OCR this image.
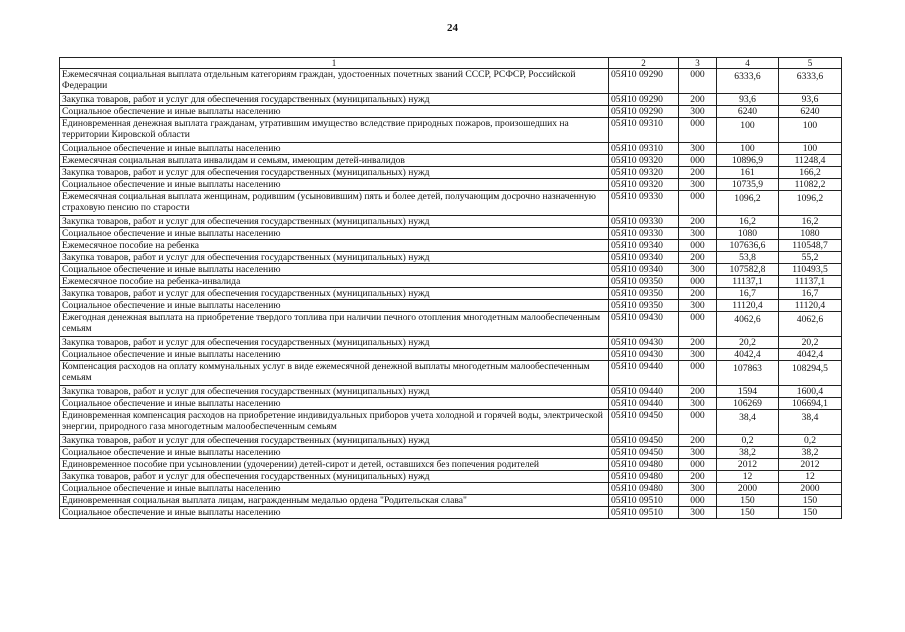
24
1	2	3	4	5
Ежемесячная социальная выплата отдельным категориям граждан, удостоенных почетных званий СССР, РСФСР, Российской Федерации	05Я10 09290	000	6333,6	6333,6
Закупка товаров, работ и услуг для обеспечения государственных (муниципальных) нужд	05Я10 09290	200	93,6	93,6
Социальное обеспечение и иные выплаты населению	05Я10 09290	300	6240	6240
Единовременная денежная выплата гражданам, утратившим имущество вследствие природных пожаров, произошедших на территории Кировской области	05Я10 09310	000	100	100
Социальное обеспечение и иные выплаты населению	05Я10 09310	300	100	100
Ежемесячная социальная выплата инвалидам и семьям, имеющим детей-инвалидов	05Я10 09320	000	10896,9	11248,4
Закупка товаров, работ и услуг для обеспечения государственных (муниципальных) нужд	05Я10 09320	200	161	166,2
Социальное обеспечение и иные выплаты населению	05Я10 09320	300	10735,9	11082,2
Ежемесячная социальная выплата женщинам, родившим (усыновившим) пять и более детей, получающим досрочно назначенную страховую пенсию по старости	05Я10 09330	000	1096,2	1096,2
Закупка товаров, работ и услуг для обеспечения государственных (муниципальных) нужд	05Я10 09330	200	16,2	16,2
Социальное обеспечение и иные выплаты населению	05Я10 09330	300	1080	1080
Ежемесячное пособие на ребенка	05Я10 09340	000	107636,6	110548,7
Закупка товаров, работ и услуг для обеспечения государственных (муниципальных) нужд	05Я10 09340	200	53,8	55,2
Социальное обеспечение и иные выплаты населению	05Я10 09340	300	107582,8	110493,5
Ежемесячное пособие на ребенка-инвалида	05Я10 09350	000	11137,1	11137,1
Закупка товаров, работ и услуг для обеспечения государственных (муниципальных) нужд	05Я10 09350	200	16,7	16,7
Социальное обеспечение и иные выплаты населению	05Я10 09350	300	11120,4	11120,4
Ежегодная денежная выплата на приобретение твердого топлива при наличии печного отопления многодетным малообеспеченным семьям	05Я10 09430	000	4062,6	4062,6
Закупка товаров, работ и услуг для обеспечения государственных (муниципальных) нужд	05Я10 09430	200	20,2	20,2
Социальное обеспечение и иные выплаты населению	05Я10 09430	300	4042,4	4042,4
Компенсация расходов на оплату коммунальных услуг в виде ежемесячной денежной выплаты многодетным малообеспеченным семьям	05Я10 09440	000	107863	108294,5
Закупка товаров, работ и услуг для обеспечения государственных (муниципальных) нужд	05Я10 09440	200	1594	1600,4
Социальное обеспечение и иные выплаты населению	05Я10 09440	300	106269	106694,1
Единовременная компенсация расходов на приобретение индивидуальных приборов учета холодной и горячей воды, электрической энергии, природного газа многодетным малообеспеченным семьям	05Я10 09450	000	38,4	38,4
Закупка товаров, работ и услуг для обеспечения государственных (муниципальных) нужд	05Я10 09450	200	0,2	0,2
Социальное обеспечение и иные выплаты населению	05Я10 09450	300	38,2	38,2
Единовременное пособие при усыновлении (удочерении) детей-сирот и детей, оставшихся без попечения родителей	05Я10 09480	000	2012	2012
Закупка товаров, работ и услуг для обеспечения государственных (муниципальных) нужд	05Я10 09480	200	12	12
Социальное обеспечение и иные выплаты населению	05Я10 09480	300	2000	2000
Единовременная социальная выплата лицам, награжденным медалью ордена "Родительская слава"	05Я10 09510	000	150	150
Социальное обеспечение и иные выплаты населению	05Я10 09510	300	150	150
